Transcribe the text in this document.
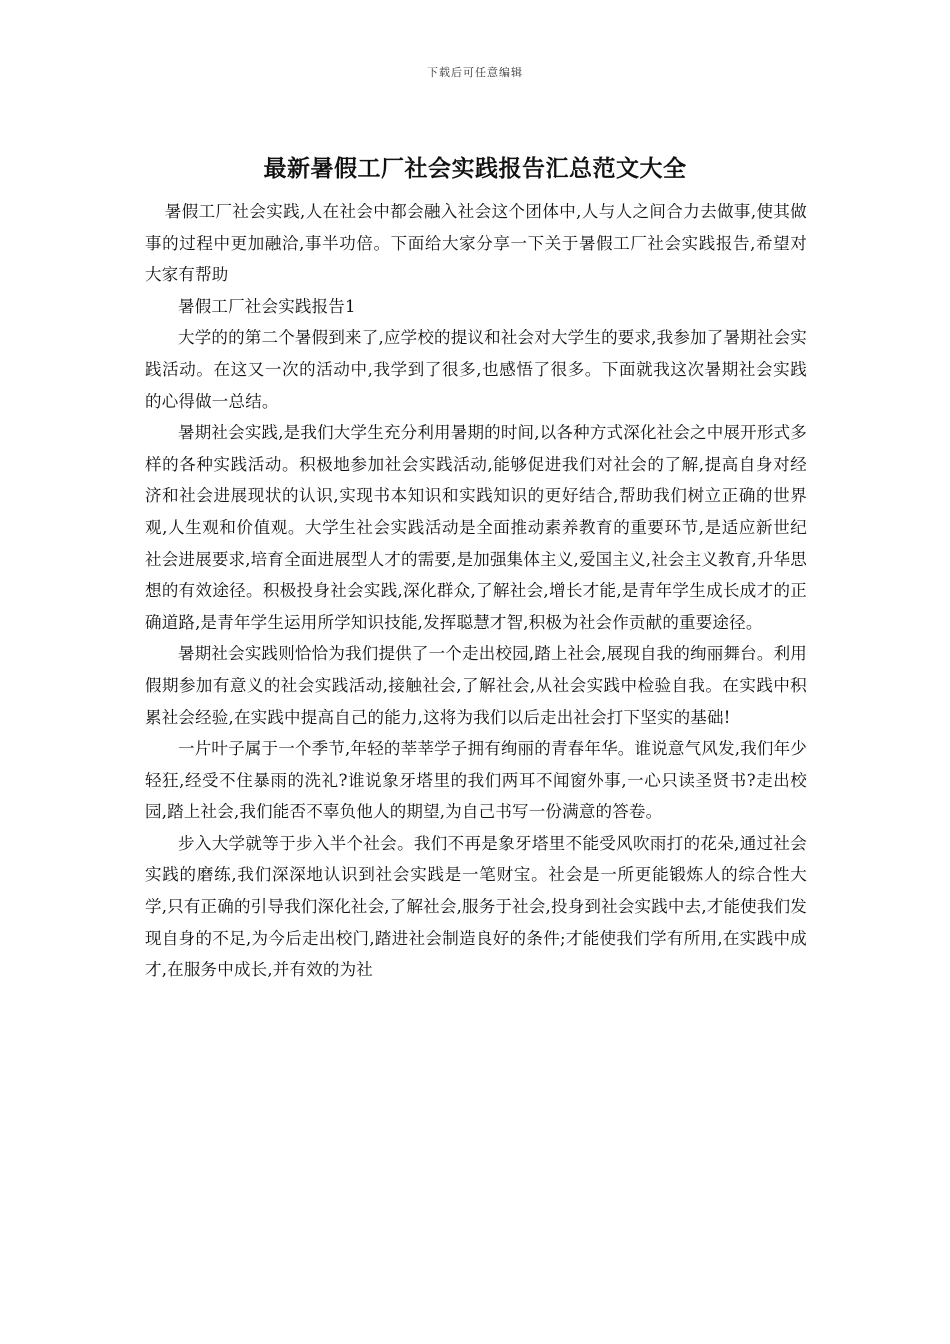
下载后可任意编辑
最新暑假工厂社会实践报告汇总范文大全

暑假工厂社会实践,人在社会中都会融入社会这个团体中,人与人之间合力去做事,使其做事的过程中更加融洽,事半功倍。下面给大家分享一下关于暑假工厂社会实践报告,希望对大家有帮助

暑假工厂社会实践报告1

大学的的第二个暑假到来了,应学校的提议和社会对大学生的要求,我参加了暑期社会实践活动。在这又一次的活动中,我学到了很多,也感悟了很多。下面就我这次暑期社会实践的心得做一总结。

暑期社会实践,是我们大学生充分利用暑期的时间,以各种方式深化社会之中展开形式多样的各种实践活动。积极地参加社会实践活动,能够促进我们对社会的了解,提高自身对经济和社会进展现状的认识,实现书本知识和实践知识的更好结合,帮助我们树立正确的世界观,人生观和价值观。大学生社会实践活动是全面推动素养教育的重要环节,是适应新世纪社会进展要求,培育全面进展型人才的需要,是加强集体主义,爱国主义,社会主义教育,升华思想的有效途径。积极投身社会实践,深化群众,了解社会,增长才能,是青年学生成长成才的正确道路,是青年学生运用所学知识技能,发挥聪慧才智,积极为社会作贡献的重要途径。

暑期社会实践则恰恰为我们提供了一个走出校园,踏上社会,展现自我的绚丽舞台。利用假期参加有意义的社会实践活动,接触社会,了解社会,从社会实践中检验自我。在实践中积累社会经验,在实践中提高自己的能力,这将为我们以后走出社会打下坚实的基础!

一片叶子属于一个季节,年轻的莘莘学子拥有绚丽的青春年华。谁说意气风发,我们年少轻狂,经受不住暴雨的洗礼?谁说象牙塔里的我们两耳不闻窗外事,一心只读圣贤书?走出校园,踏上社会,我们能否不辜负他人的期望,为自己书写一份满意的答卷。

步入大学就等于步入半个社会。我们不再是象牙塔里不能受风吹雨打的花朵,通过社会实践的磨练,我们深深地认识到社会实践是一笔财宝。社会是一所更能锻炼人的综合性大学,只有正确的引导我们深化社会,了解社会,服务于社会,投身到社会实践中去,才能使我们发现自身的不足,为今后走出校门,踏进社会制造良好的条件;才能使我们学有所用,在实践中成才,在服务中成长,并有效的为社
